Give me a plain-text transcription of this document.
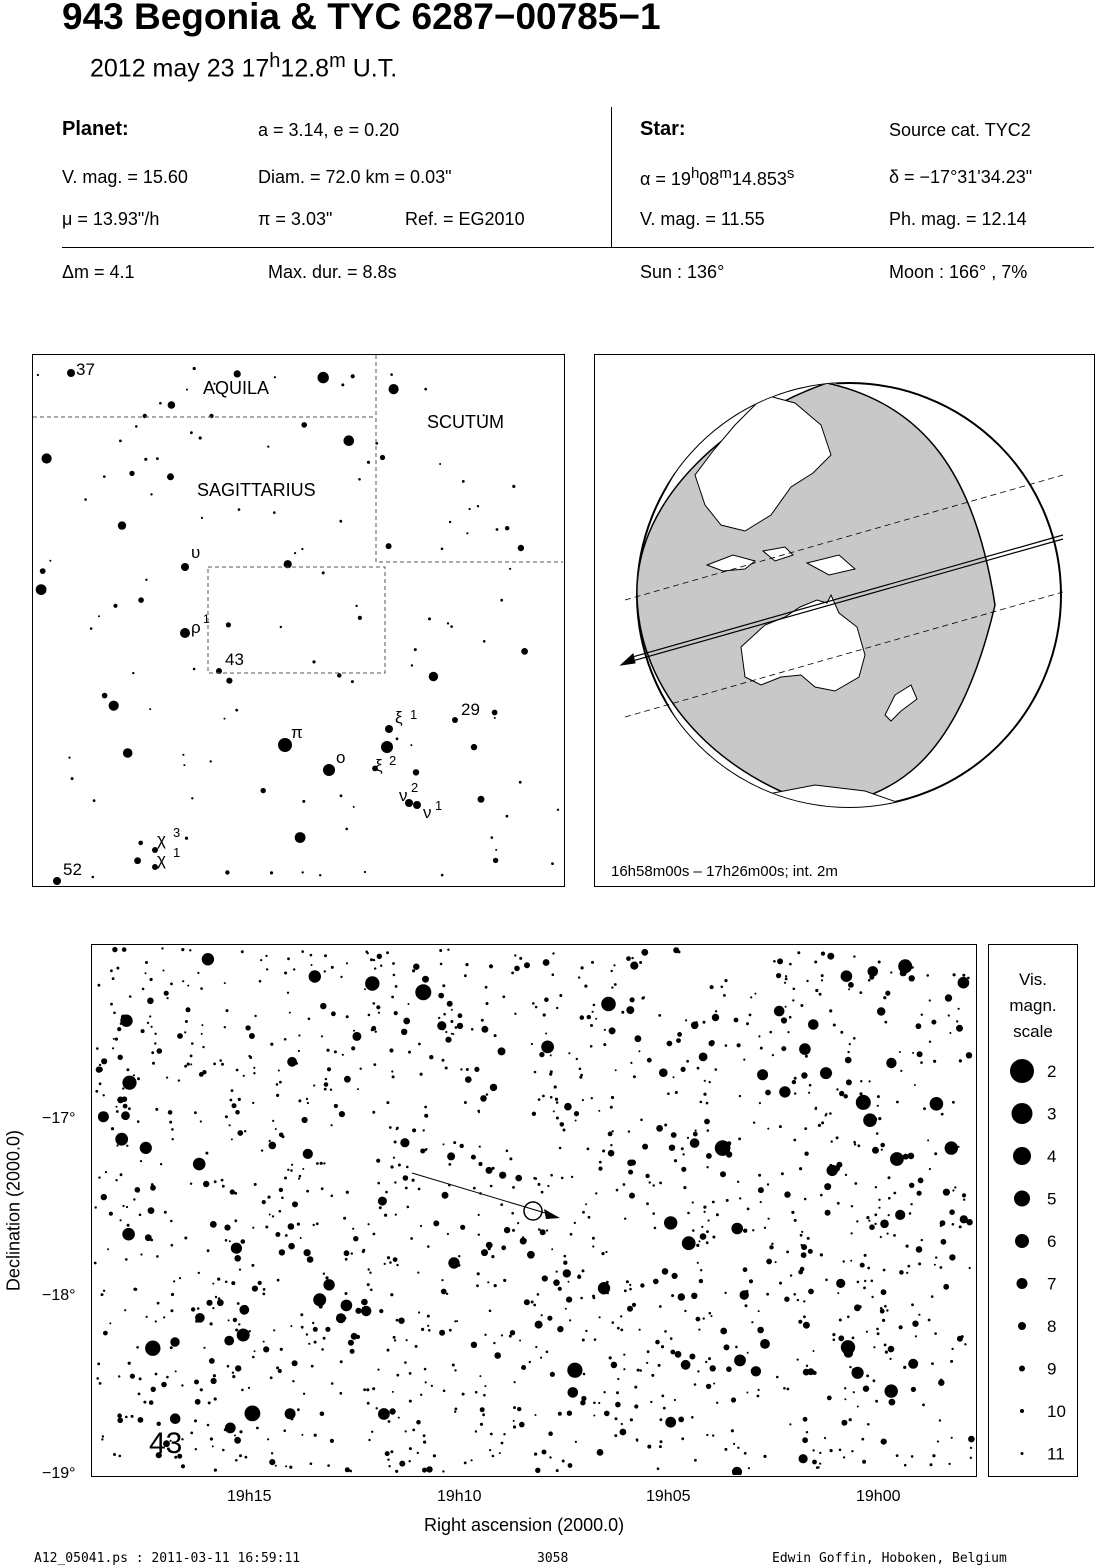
943 Begonia & TYC 6287−00785−1
2012 may 23 17$^h$12.8$^m$ U.T.
Planet:	a = 3.14, e = 0.20
V. mag. = 15.60	Diam. = 72.0 km = 0.03"
μ = 13.93"/h	π = 3.03"	Ref. = EG2010
Star:	Source cat. TYC2
$\alpha = 19^h08^m14.853^s$	δ = −17°31'34.23"
V. mag. = 11.55	Ph. mag. = 12.14
Δm = 4.1	Max. dur. = 8.8s	Sun : 136°	Moon : 166° , 7%
AQUILA
SCUTUM
SAGITTARIUS
37
43
29
52
υ
ρ 1
π
o
ξ 1
ξ 2
ν 2
ν 1
χ 3
χ 1
16h58m00s – 17h26m00s; int. 2m
43
−17°
−18°
−19°
19h15	19h10	19h05	19h00
Right ascension (2000.0)
Declination (2000.0)
Vis.
magn.
scale
2
3
4
5
6
7
8
9
10
11
A12_05041.ps : 2011-03-11 16:59:11	3058	Edwin Goffin, Hoboken, Belgium
